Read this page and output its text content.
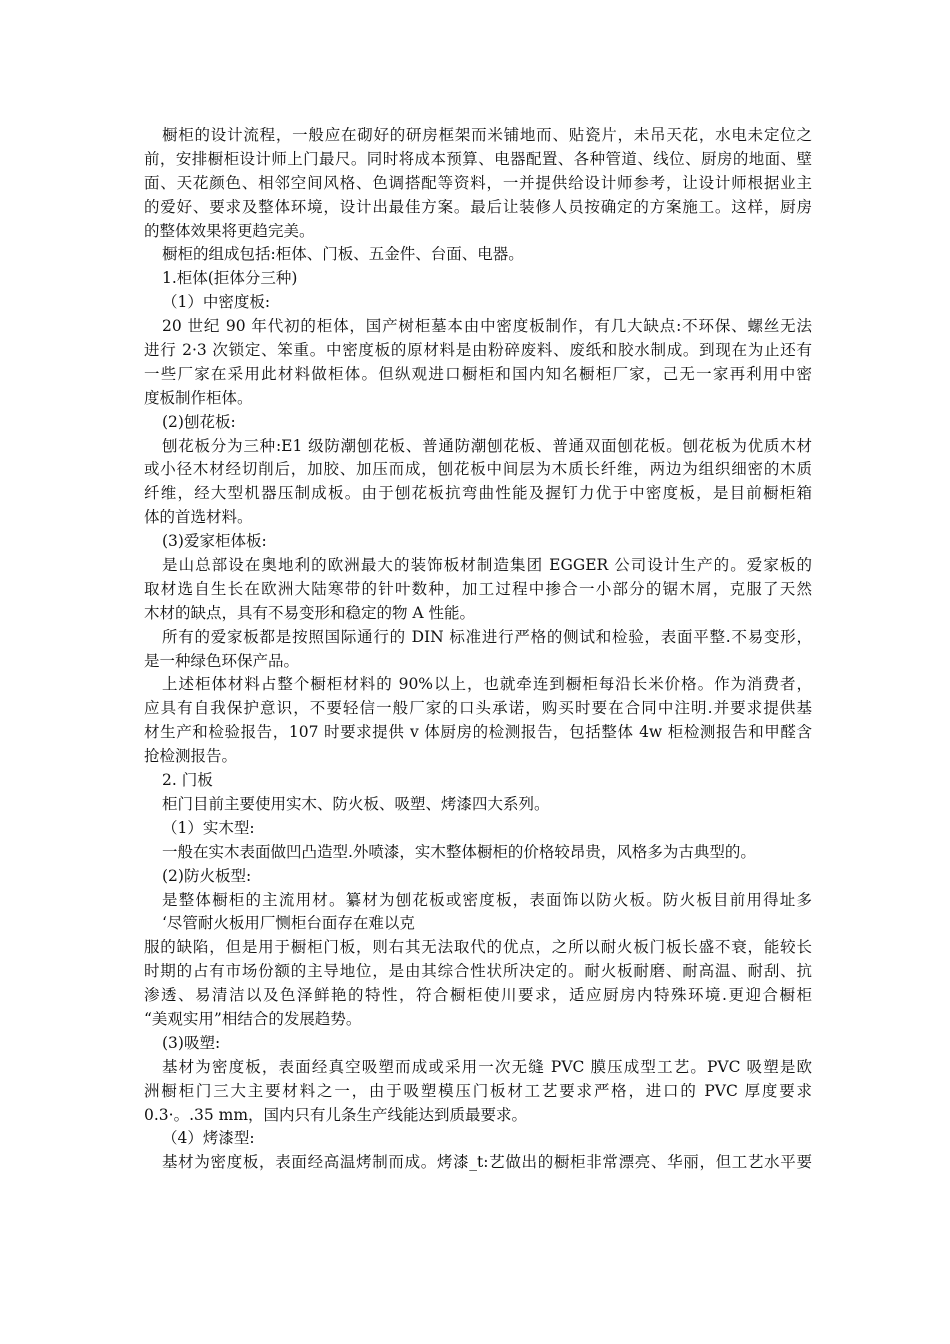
橱柜的设计流程，一般应在砌好的研房框架而米铺地而、贴瓷片，未吊天花，水电未定位之
前，安排橱柜设计师上门最尺。同时将成本预算、电器配置、各种管道、线位、厨房的地面、壁
面、天花颜色、相邻空间风格、色调搭配等资料，一并提供给设计师参考，让设计师根据业主
的爱好、要求及整体环境，设计出最佳方案。最后让装修人员按确定的方案施工。这样，厨房
的整体效果将更趋完美。
橱柜的组成包括:柜体、门板、五金件、台面、电器。
1.柜体(拒体分三种)
（1）中密度板:
20 世纪 90 年代初的柜体，国产树柜墓本由中密度板制作，有几大缺点:不环保、螺丝无法
进行 2·3 次锁定、笨重。中密度板的原材料是由粉碎废料、废纸和胶水制成。到现在为止还有
一些厂家在采用此材料做柜体。但纵观进口橱柜和国内知名橱柜厂家，己无一家再利用中密
度板制作柜体。
(2)刨花板:
刨花板分为三种:E1 级防潮刨花板、普通防潮刨花板、普通双面刨花板。刨花板为优质木材
或小径木材经切削后，加胶、加压而成，刨花板中间层为木质长纤维，两边为组织细密的木质
纤维，经大型机器压制成板。由于刨花板抗弯曲性能及握钉力优于中密度板，是目前橱柜箱
体的首选材料。
(3)爱家柜体板:
是山总部设在奥地利的欧洲最大的装饰板材制造集团 EGGER 公司设计生产的。爱家板的
取材选自生长在欧洲大陆寒带的针叶数种，加工过程中掺合一小部分的锯木屑，克服了天然
木材的缺点，具有不易变形和稳定的物 A 性能。
所有的爱家板都是按照国际通行的 DIN 标准进行严格的侧试和检验，表面平整.不易变形，
是一种绿色环保产品。
上述柜体材料占整个橱柜材料的 90%以上，也就牵连到橱柜每沿长米价格。作为消费者，
应具有自我保护意识，不要轻信一般厂家的口头承诺，购买时要在合同中注明.并要求提供基
材生产和检验报告，107 时要求提供 v 体厨房的检测报告，包括整体 4w 柜检测报告和甲醛含
抢检测报告。
2. 门板
柜门目前主要使用实木、防火板、吸塑、烤漆四大系列。
（1）实木型:
一般在实木表面做凹凸造型.外喷漆，实木整体橱柜的价格较昂贵，风格多为古典型的。
(2)防火板型:
是整体橱柜的主流用材。纂材为刨花板或密度板，表面饰以防火板。防火板目前用得址多
‘尽管耐火板用厂恻柜台面存在难以克
服的缺陷，但是用于橱柜门板，则右其无法取代的优点，之所以耐火板门板长盛不衰，能较长
时期的占有市场份额的主导地位，是由其综合性状所决定的。耐火板耐磨、耐高温、耐刮、抗
渗透、易清洁以及色泽鲜艳的特性，符合橱柜使川要求，适应厨房内特殊环境.更迎合橱柜
“美观实用”相结合的发展趋势。
(3)吸塑:
基材为密度板，表面经真空吸塑而成或采用一次无缝 PVC 膜压成型工艺。PVC 吸塑是欧
洲橱柜门三大主要材料之一，由于吸塑模压门板材工艺要求严格，进口的 PVC 厚度要求
0.3·。.35 mm，国内只有儿条生产线能达到质最要求。
（4）烤漆型:
基材为密度板，表面经高温烤制而成。烤漆_t:艺做出的橱柜非常漂亮、华丽，但工艺水平要
